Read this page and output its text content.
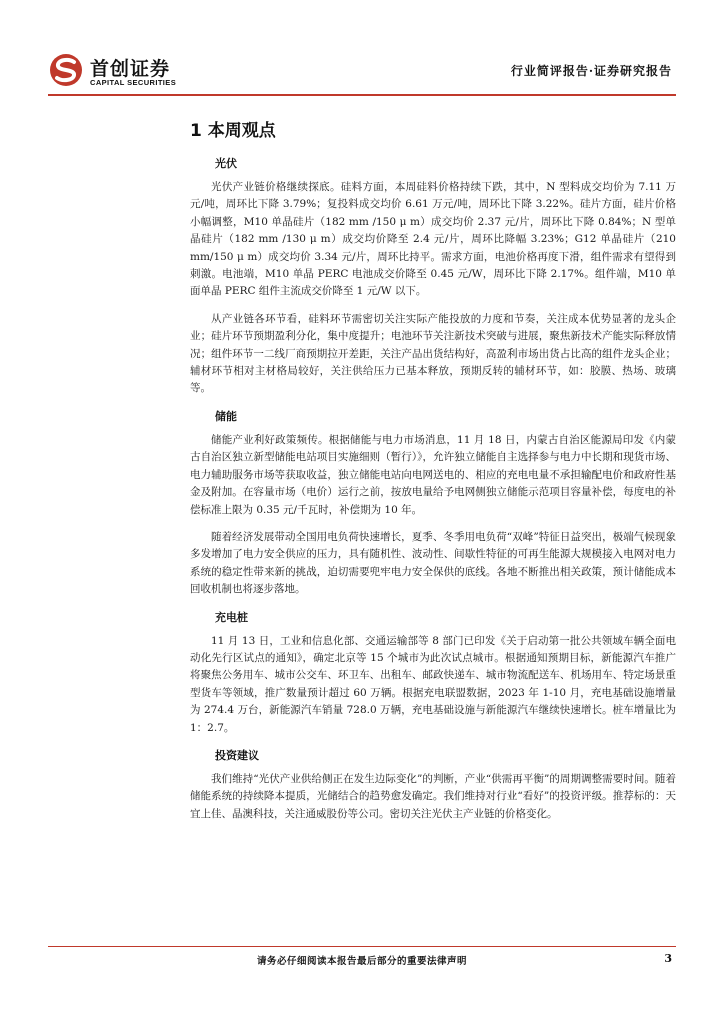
首创证券
CAPITAL SECURITIES
行业简评报告·证券研究报告
1 本周观点
光伏

光伏产业链价格继续探底。硅料方面，本周硅料价格持续下跌，其中，N 型料成交均价为 7.11 万元/吨，周环比下降 3.79%；复投料成交均价 6.61 万元/吨，周环比下降 3.22%。硅片方面，硅片价格小幅调整，M10 单晶硅片（182 mm /150 μ m）成交均价 2.37 元/片，周环比下降 0.84%；N 型单晶硅片（182 mm /130 μ m）成交均价降至 2.4 元/片，周环比降幅 3.23%；G12 单晶硅片（210 mm/150 μ m）成交均价 3.34 元/片，周环比持平。需求方面，电池价格再度下滑，组件需求有望得到刺激。电池端，M10 单晶 PERC 电池成交价降至 0.45 元/W，周环比下降 2.17%。组件端，M10 单面单晶 PERC 组件主流成交价降至 1 元/W 以下。

从产业链各环节看，硅料环节需密切关注实际产能投放的力度和节奏，关注成本优势显著的龙头企业；硅片环节预期盈利分化，集中度提升；电池环节关注新技术突破与进展，聚焦新技术产能实际释放情况；组件环节一二线厂商预期拉开差距，关注产品出货结构好，高盈利市场出货占比高的组件龙头企业；辅材环节相对主材格局较好，关注供给压力已基本释放，预期反转的辅材环节，如：胶膜、热场、玻璃等。

储能

储能产业利好政策频传。根据储能与电力市场消息，11 月 18 日，内蒙古自治区能源局印发《内蒙古自治区独立新型储能电站项目实施细则（暂行）》，允许独立储能自主选择参与电力中长期和现货市场、电力辅助服务市场等获取收益，独立储能电站向电网送电的、相应的充电电量不承担输配电价和政府性基金及附加。在容量市场（电价）运行之前，按放电量给予电网侧独立储能示范项目容量补偿，每度电的补偿标准上限为 0.35 元/千瓦时，补偿期为 10 年。

随着经济发展带动全国用电负荷快速增长，夏季、冬季用电负荷“双峰”特征日益突出，极端气候现象多发增加了电力安全供应的压力，具有随机性、波动性、间歇性特征的可再生能源大规模接入电网对电力系统的稳定性带来新的挑战，迫切需要兜牢电力安全保供的底线。各地不断推出相关政策，预计储能成本回收机制也将逐步落地。

充电桩

11 月 13 日，工业和信息化部、交通运输部等 8 部门已印发《关于启动第一批公共领域车辆全面电动化先行区试点的通知》，确定北京等 15 个城市为此次试点城市。根据通知预期目标，新能源汽车推广将聚焦公务用车、城市公交车、环卫车、出租车、邮政快递车、城市物流配送车、机场用车、特定场景重型货车等领域，推广数量预计超过 60 万辆。根据充电联盟数据，2023 年 1-10 月，充电基础设施增量为 274.4 万台，新能源汽车销量 728.0 万辆，充电基础设施与新能源汽车继续快速增长。桩车增量比为 1：2.7。

投资建议

我们维持“光伏产业供给侧正在发生边际变化”的判断，产业“供需再平衡”的周期调整需要时间。随着储能系统的持续降本提质，光储结合的趋势愈发确定。我们维持对行业“看好”的投资评级。推荐标的：天宜上佳、晶澳科技，关注通威股份等公司。密切关注光伏主产业链的价格变化。

请务必仔细阅读本报告最后部分的重要法律声明	3
